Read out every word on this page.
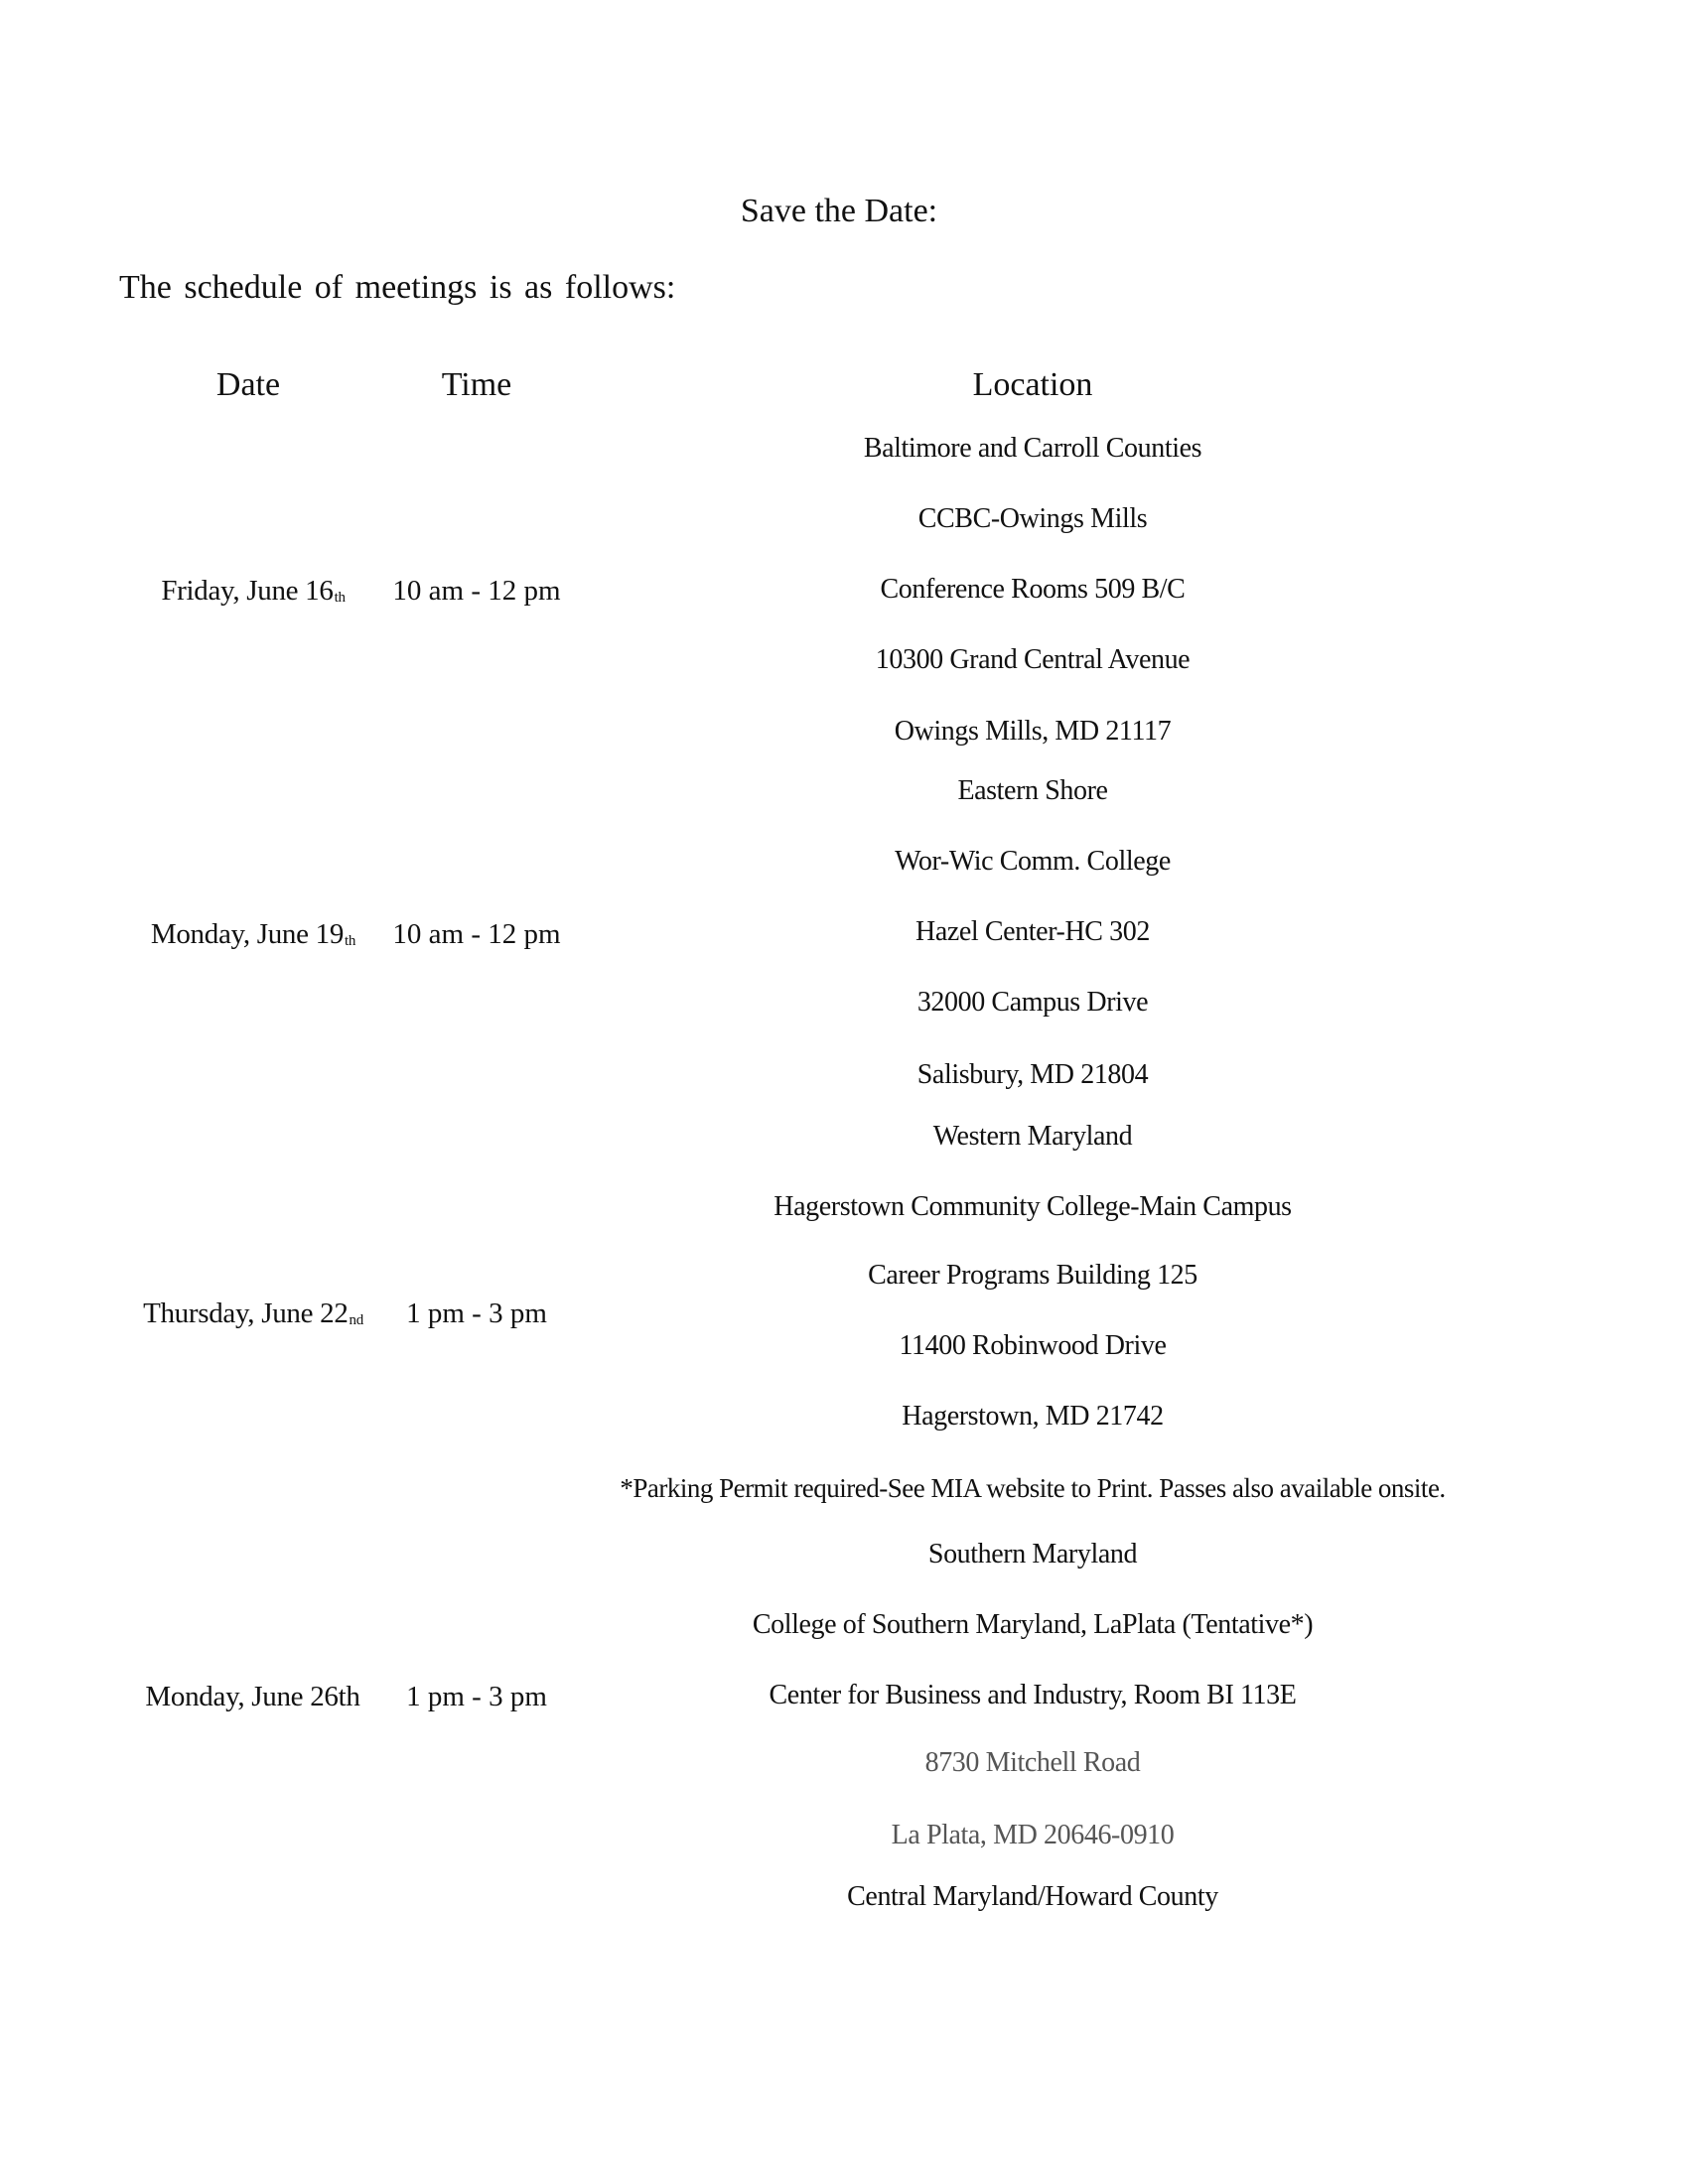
Save the Date:
The schedule of meetings is as follows:
Date	Time	Location
Friday, June $16_{th}$	10 am - 12 pm
Baltimore and Carroll Counties
CCBC-Owings Mills
Conference Rooms 509 B/C
10300 Grand Central Avenue
Owings Mills, MD 21117
Monday, June $19_{th}$	10 am - 12 pm
Eastern Shore
Wor-Wic Comm. College
Hazel Center-HC 302
32000 Campus Drive
Salisbury, MD 21804
Thursday, June $22_{nd}$	1 pm - 3 pm
Western Maryland
Hagerstown Community College-Main Campus
Career Programs Building 125
11400 Robinwood Drive
Hagerstown, MD 21742
*Parking Permit required-See MIA website to Print. Passes also available onsite.
Monday, June 26th	1 pm - 3 pm
Southern Maryland
College of Southern Maryland, LaPlata (Tentative*)
Center for Business and Industry, Room BI 113E
8730 Mitchell Road
La Plata, MD 20646-0910
Central Maryland/Howard County
